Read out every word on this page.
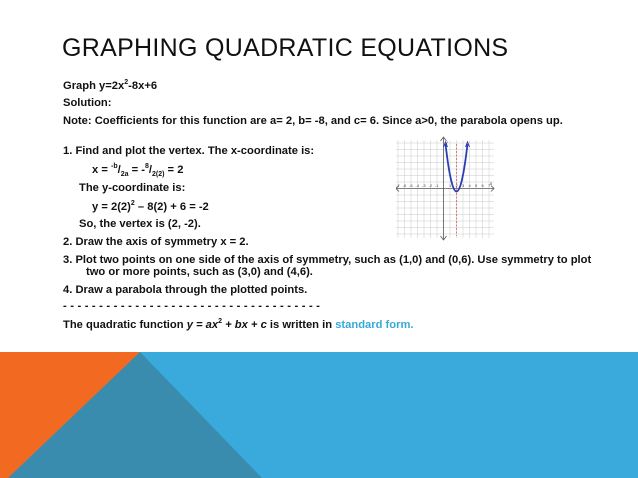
GRAPHING QUADRATIC EQUATIONS
Graph $y=2x^2-8x+6$
Solution:
Note: Coefficients for this function are a= 2, b= -8, and c= 6. Since a>0, the parabola opens up.
1. Find and plot the vertex. The x-coordinate is:
$x = ^{-b}/_{2a} = -^8/_{2(2)} = 2$
The y-coordinate is:
$y = 2(2)^2 - 8(2) + 6 = -2$
So, the vertex is (2, -2).
2. Draw the axis of symmetry x = 2.
3. Plot two points on one side of the axis of symmetry, such as (1,0) and (0,6). Use symmetry to plot two or more points, such as (3,0) and (4,6).
4. Draw a parabola through the plotted points.
- - - - - - - - - - - - - - - - - - - - - - - - - - - - - - - - - - - -
The quadratic function $y = ax^2$ + bx + c is written in standard form.
y
x
-7 -6 -5 -4 -3 -2 -1	1 2 3 4 5 6 7
